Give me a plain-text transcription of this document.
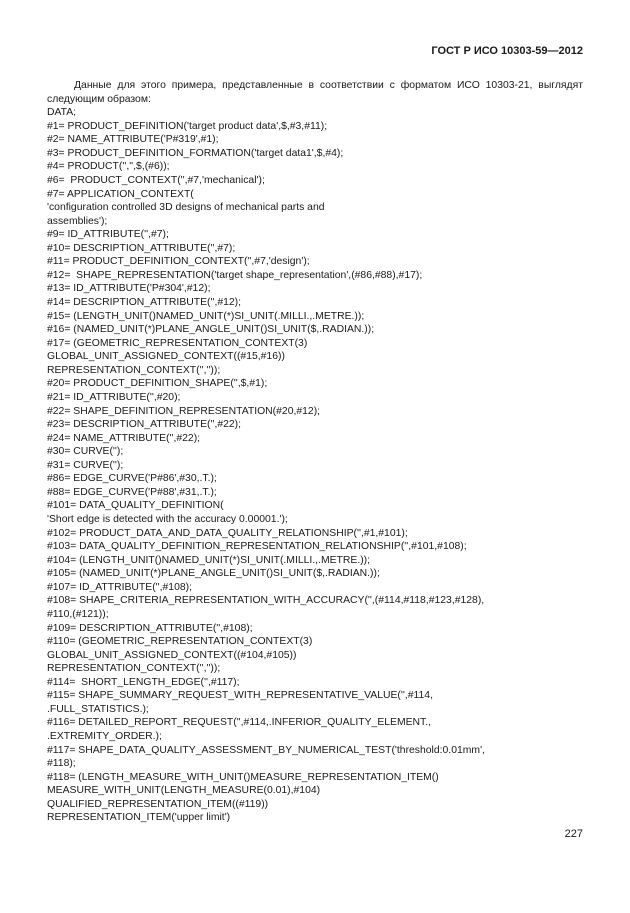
ГОСТ Р ИСО 10303-59—2012
Данные для этого примера, представленные в соответствии с форматом ИСО 10303-21, выглядят следующим образом:
DATA;
#1= PRODUCT_DEFINITION('target product data',$,#3,#11);
#2= NAME_ATTRIBUTE('P#319',#1);
#3= PRODUCT_DEFINITION_FORMATION('target data1',$,#4);
#4= PRODUCT('','',$,(#6));
#6=  PRODUCT_CONTEXT('',#7,'mechanical');
#7= APPLICATION_CONTEXT(
'configuration controlled 3D designs of mechanical parts and
assemblies');
#9= ID_ATTRIBUTE('',#7);
#10= DESCRIPTION_ATTRIBUTE('',#7);
#11= PRODUCT_DEFINITION_CONTEXT('',#7,'design');
#12=  SHAPE_REPRESENTATION('target shape_representation',(#86,#88),#17);
#13= ID_ATTRIBUTE('P#304',#12);
#14= DESCRIPTION_ATTRIBUTE('',#12);
#15= (LENGTH_UNIT()NAMED_UNIT(*)SI_UNIT(.MILLI.,.METRE.));
#16= (NAMED_UNIT(*)PLANE_ANGLE_UNIT()SI_UNIT($,.RADIAN.));
#17= (GEOMETRIC_REPRESENTATION_CONTEXT(3)
GLOBAL_UNIT_ASSIGNED_CONTEXT((#15,#16))
REPRESENTATION_CONTEXT('',''));
#20= PRODUCT_DEFINITION_SHAPE('',$,#1);
#21= ID_ATTRIBUTE('',#20);
#22= SHAPE_DEFINITION_REPRESENTATION(#20,#12);
#23= DESCRIPTION_ATTRIBUTE('',#22);
#24= NAME_ATTRIBUTE('',#22);
#30= CURVE('');
#31= CURVE('');
#86= EDGE_CURVE('P#86',#30,.T.);
#88= EDGE_CURVE('P#88',#31,.T.);
#101= DATA_QUALITY_DEFINITION(
'Short edge is detected with the accuracy 0.00001.');
#102= PRODUCT_DATA_AND_DATA_QUALITY_RELATIONSHIP('',#1,#101);
#103= DATA_QUALITY_DEFINITION_REPRESENTATION_RELATIONSHIP('',#101,#108);
#104= (LENGTH_UNIT()NAMED_UNIT(*)SI_UNIT(.MILLI.,.METRE.));
#105= (NAMED_UNIT(*)PLANE_ANGLE_UNIT()SI_UNIT($,.RADIAN.));
#107= ID_ATTRIBUTE('',#108);
#108= SHAPE_CRITERIA_REPRESENTATION_WITH_ACCURACY('',(#114,#118,#123,#128),
#110,(#121));
#109= DESCRIPTION_ATTRIBUTE('',#108);
#110= (GEOMETRIC_REPRESENTATION_CONTEXT(3)
GLOBAL_UNIT_ASSIGNED_CONTEXT((#104,#105))
REPRESENTATION_CONTEXT('',''));
#114=  SHORT_LENGTH_EDGE('',#117);
#115= SHAPE_SUMMARY_REQUEST_WITH_REPRESENTATIVE_VALUE('',#114,
.FULL_STATISTICS.);
#116= DETAILED_REPORT_REQUEST('',#114,.INFERIOR_QUALITY_ELEMENT.,
.EXTREMITY_ORDER.);
#117= SHAPE_DATA_QUALITY_ASSESSMENT_BY_NUMERICAL_TEST('threshold:0.01mm',
#118);
#118= (LENGTH_MEASURE_WITH_UNIT()MEASURE_REPRESENTATION_ITEM()
MEASURE_WITH_UNIT(LENGTH_MEASURE(0.01),#104)
QUALIFIED_REPRESENTATION_ITEM((#119))
REPRESENTATION_ITEM('upper limit')
227
